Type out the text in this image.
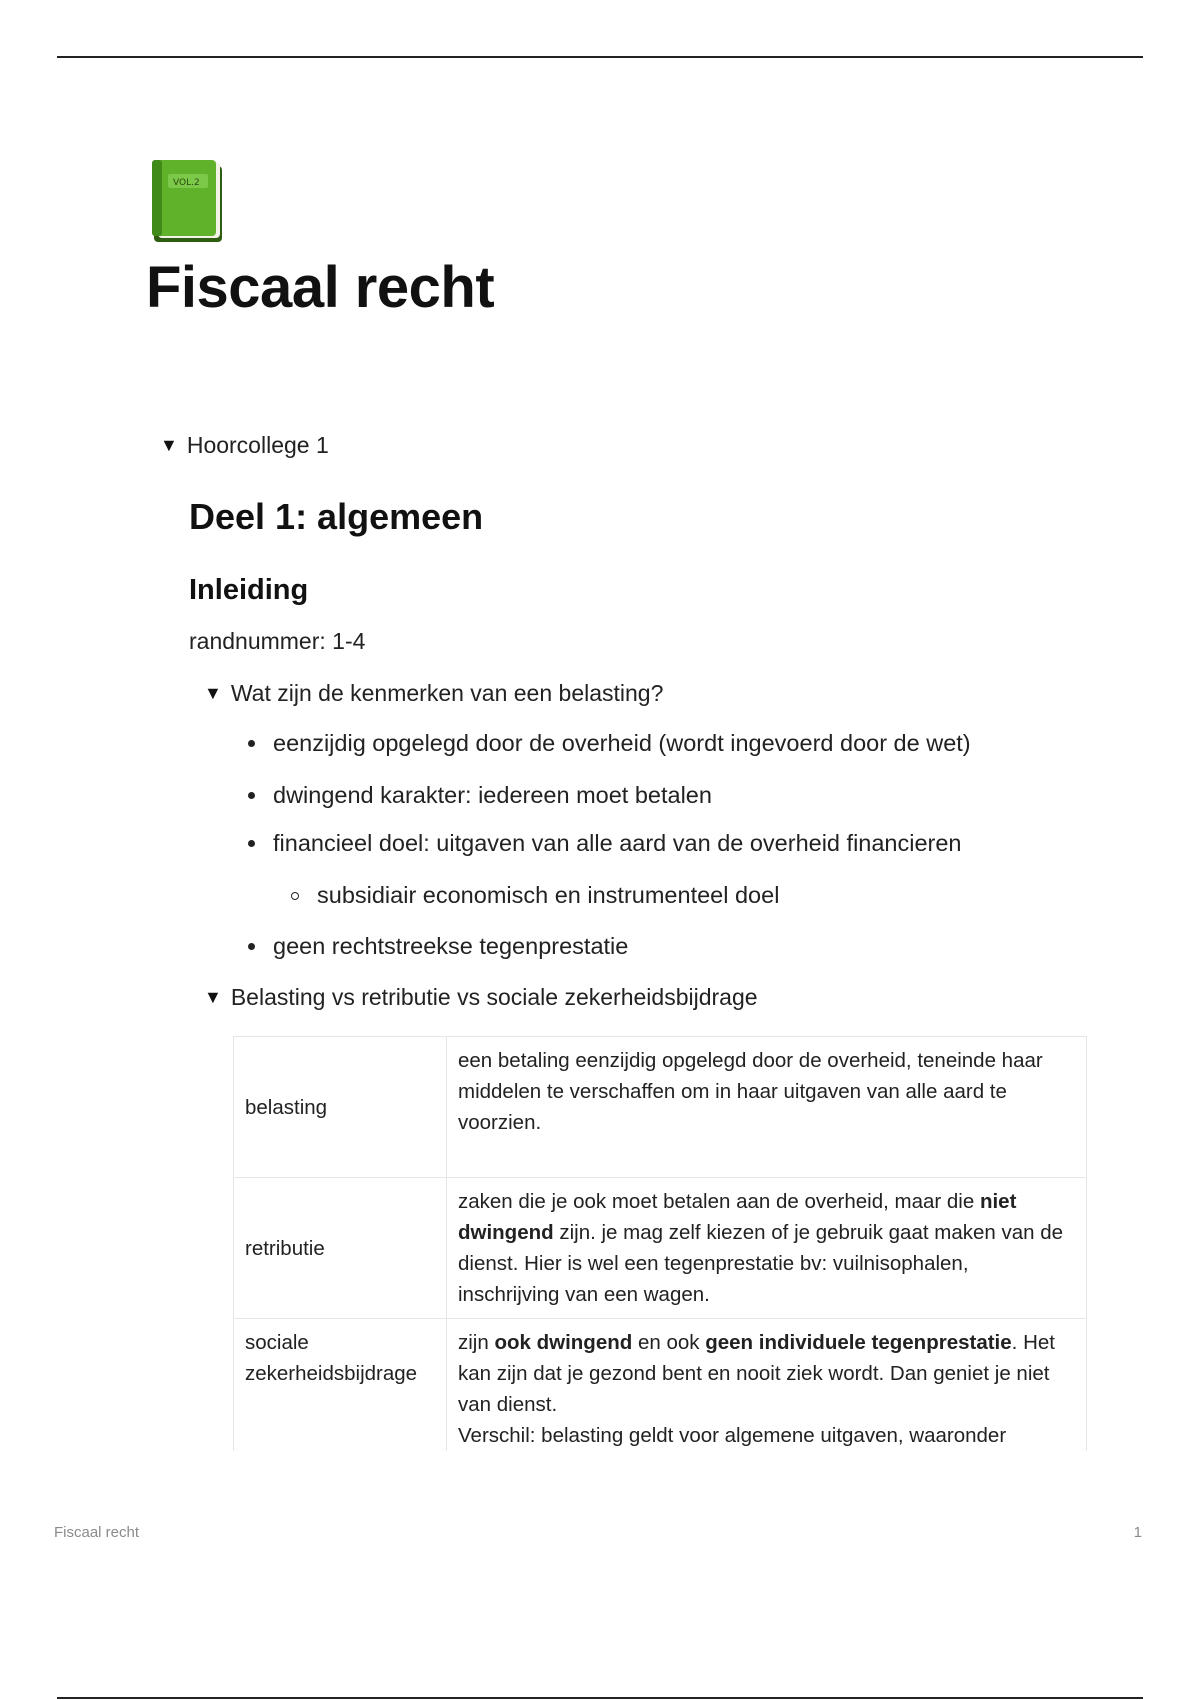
VOL.2
Fiscaal recht
▼ Hoorcollege 1
Deel 1: algemeen
Inleiding
randnummer: 1-4
▼ Wat zijn de kenmerken van een belasting?
eenzijdig opgelegd door de overheid (wordt ingevoerd door de wet)
dwingend karakter: iedereen moet betalen
financieel doel: uitgaven van alle aard van de overheid financieren
subsidiair economisch en instrumenteel doel
geen rechtstreekse tegenprestatie
▼ Belasting vs retributie vs sociale zekerheidsbijdrage
belasting	een betaling eenzijdig opgelegd door de overheid, teneinde haar middelen te verschaffen om in haar uitgaven van alle aard te voorzien.
retributie	zaken die je ook moet betalen aan de overheid, maar die niet dwingend zijn. je mag zelf kiezen of je gebruik gaat maken van de dienst. Hier is wel een tegenprestatie bv: vuilnisophalen, inschrijving van een wagen.
sociale zekerheidsbijdrage	zijn ook dwingend en ook geen individuele tegenprestatie. Het kan zijn dat je gezond bent en nooit ziek wordt. Dan geniet je niet van dienst.
Verschil: belasting geldt voor algemene uitgaven, waaronder
Fiscaal recht	1
